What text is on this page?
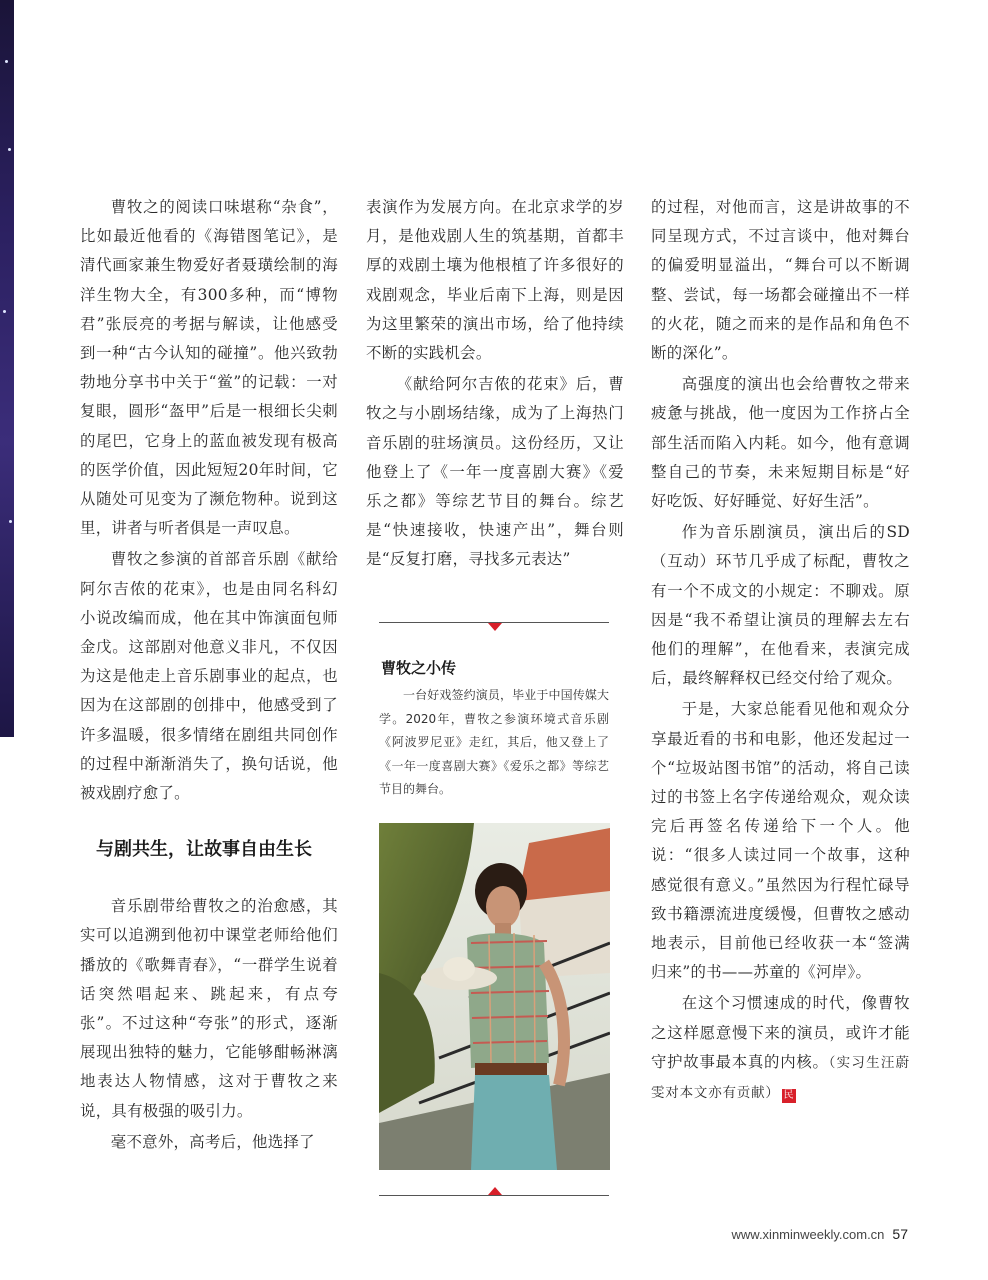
曹牧之的阅读口味堪称“杂食”，比如最近他看的《海错图笔记》，是清代画家兼生物爱好者聂璜绘制的海洋生物大全，有300多种，而“博物君”张辰亮的考据与解读，让他感受到一种“古今认知的碰撞”。他兴致勃勃地分享书中关于“鲎”的记载：一对复眼，圆形“盔甲”后是一根细长尖刺的尾巴，它身上的蓝血被发现有极高的医学价值，因此短短20年时间，它从随处可见变为了濒危物种。说到这里，讲者与听者俱是一声叹息。

曹牧之参演的首部音乐剧《献给阿尔吉侬的花束》，也是由同名科幻小说改编而成，他在其中饰演面包师金戊。这部剧对他意义非凡，不仅因为这是他走上音乐剧事业的起点，也因为在这部剧的创排中，他感受到了许多温暖，很多情绪在剧组共同创作的过程中渐渐消失了，换句话说，他被戏剧疗愈了。

与剧共生，让故事自由生长

音乐剧带给曹牧之的治愈感，其实可以追溯到他初中课堂老师给他们播放的《歌舞青春》，“一群学生说着话突然唱起来、跳起来，有点夸张”。不过这种“夸张”的形式，逐渐展现出独特的魅力，它能够酣畅淋漓地表达人物情感，这对于曹牧之来说，具有极强的吸引力。

毫不意外，高考后，他选择了

表演作为发展方向。在北京求学的岁月，是他戏剧人生的筑基期，首都丰厚的戏剧土壤为他根植了许多很好的戏剧观念，毕业后南下上海，则是因为这里繁荣的演出市场，给了他持续不断的实践机会。

《献给阿尔吉侬的花束》后，曹牧之与小剧场结缘，成为了上海热门音乐剧的驻场演员。这份经历，又让他登上了《一年一度喜剧大赛》《爱乐之都》等综艺节目的舞台。综艺是“快速接收，快速产出”，舞台则是“反复打磨，寻找多元表达”

曹牧之小传

一台好戏签约演员，毕业于中国传媒大学。2020年，曹牧之参演环境式音乐剧《阿波罗尼亚》走红，其后，他又登上了《一年一度喜剧大赛》《爱乐之都》等综艺节目的舞台。

的过程，对他而言，这是讲故事的不同呈现方式，不过言谈中，他对舞台的偏爱明显溢出，“舞台可以不断调整、尝试，每一场都会碰撞出不一样的火花，随之而来的是作品和角色不断的深化”。

高强度的演出也会给曹牧之带来疲惫与挑战，他一度因为工作挤占全部生活而陷入内耗。如今，他有意调整自己的节奏，未来短期目标是“好好吃饭、好好睡觉、好好生活”。

作为音乐剧演员，演出后的SD（互动）环节几乎成了标配，曹牧之有一个不成文的小规定：不聊戏。原因是“我不希望让演员的理解去左右他们的理解”，在他看来，表演完成后，最终解释权已经交付给了观众。

于是，大家总能看见他和观众分享最近看的书和电影，他还发起过一个“垃圾站图书馆”的活动，将自己读过的书签上名字传递给观众，观众读完后再签名传递给下一个人。他说：“很多人读过同一个故事，这种感觉很有意义。”虽然因为行程忙碌导致书籍漂流进度缓慢，但曹牧之感动地表示，目前他已经收获一本“签满归来”的书——苏童的《河岸》。

在这个习惯速成的时代，像曹牧之这样愿意慢下来的演员，或许才能守护故事最本真的内核。（实习生汪蔚雯对本文亦有贡献） 民

www.xinminweekly.com.cn 57
